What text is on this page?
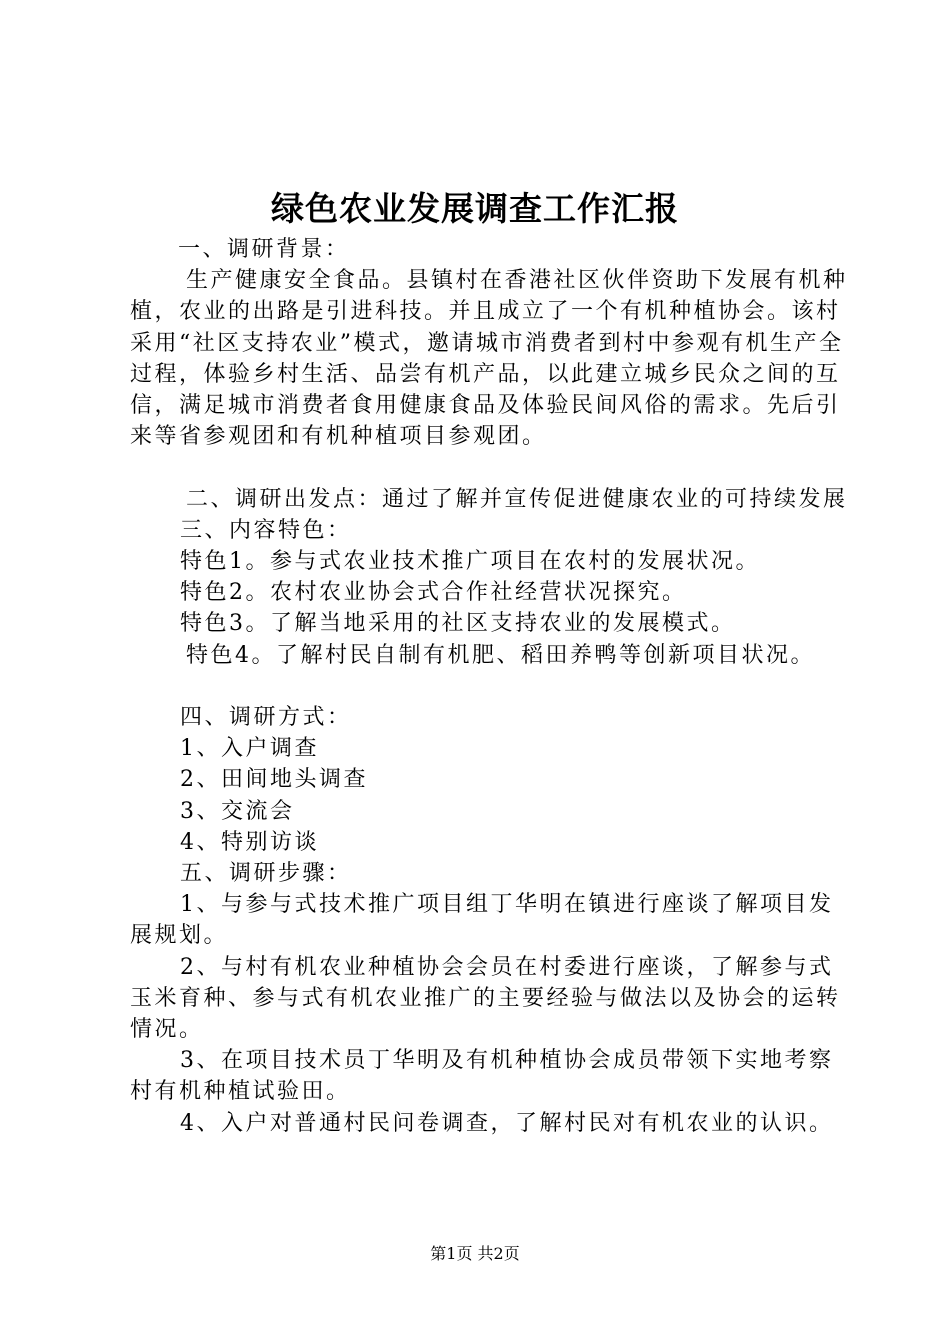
绿色农业发展调查工作汇报

一、调研背景：

生产健康安全食品。县镇村在香港社区伙伴资助下发展有机种植，农业的出路是引进科技。并且成立了一个有机种植协会。该村采用“社区支持农业”模式，邀请城市消费者到村中参观有机生产全过程，体验乡村生活、品尝有机产品，以此建立城乡民众之间的互信，满足城市消费者食用健康食品及体验民间风俗的需求。先后引来等省参观团和有机种植项目参观团。

二、调研出发点：通过了解并宣传促进健康农业的可持续发展

三、内容特色：

特色1。参与式农业技术推广项目在农村的发展状况。

特色2。农村农业协会式合作社经营状况探究。

特色3。了解当地采用的社区支持农业的发展模式。

特色4。了解村民自制有机肥、稻田养鸭等创新项目状况。

四、调研方式：

1、入户调查

2、田间地头调查

3、交流会

4、特别访谈

五、调研步骤：

1、与参与式技术推广项目组丁华明在镇进行座谈了解项目发展规划。

2、与村有机农业种植协会会员在村委进行座谈，了解参与式玉米育种、参与式有机农业推广的主要经验与做法以及协会的运转情况。

3、在项目技术员丁华明及有机种植协会成员带领下实地考察村有机种植试验田。

4、入户对普通村民问卷调查，了解村民对有机农业的认识。

第1页 共2页
